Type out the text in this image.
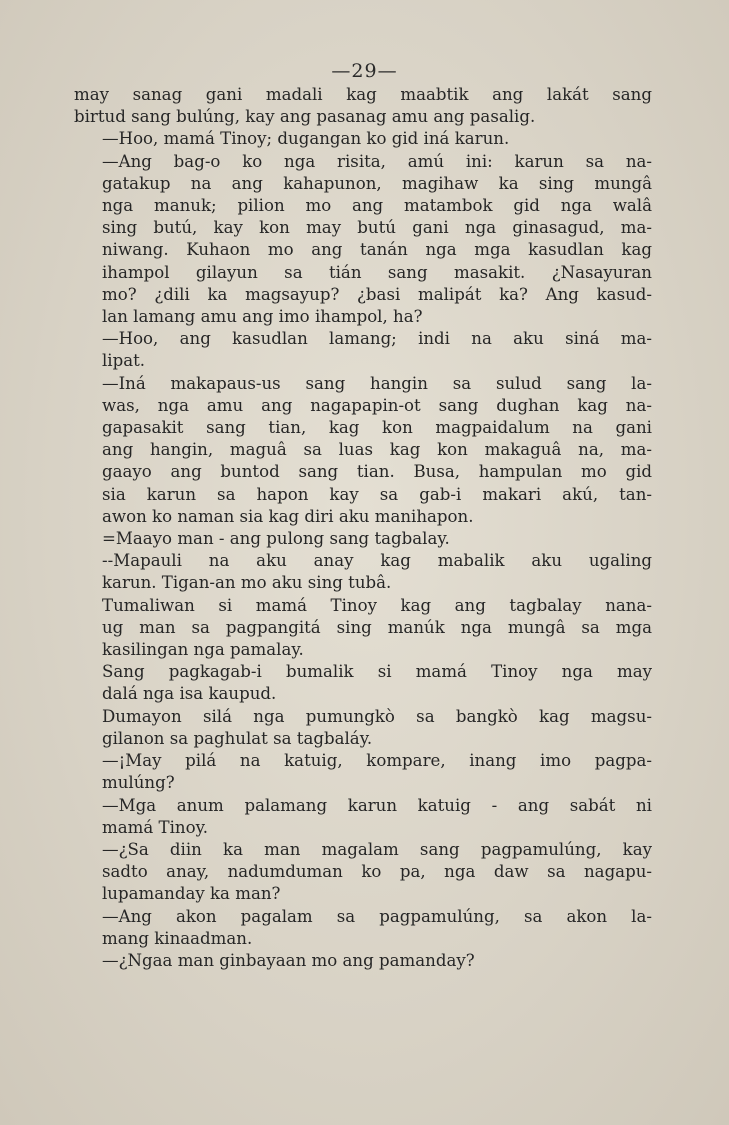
—29—

may sanag gani madali kag maabtik ang lakát sang
birtud sang bulúng, kay ang pasanag amu ang pasalig.

—Hoo, mamá Tinoy; dugangan ko gid iná karun.

—Ang bag-o ko nga risita, amú ini: karun sa na-
gatakup na ang kahapunon, magihaw ka sing mungâ
nga manuk; pilion mo ang matambok gid nga walâ
sing butú, kay kon may butú gani nga ginasagud, ma-
niwang. Kuhaon mo ang tanán nga mga kasudlan kag
ihampol gilayun sa tián sang masakit. ¿Nasayuran
mo? ¿dili ka magsayup? ¿basi malipát ka? Ang kasud-
lan lamang amu ang imo ihampol, ha?

—Hoo, ang kasudlan lamang; indi na aku siná ma-
lipat.

—Iná makapaus-us sang hangin sa sulud sang la-
was, nga amu ang nagapapin-ot sang dughan kag na-
gapasakit sang tian, kag kon magpaidalum na gani
ang hangin, maguâ sa luas kag kon makaguâ na, ma-
gaayo ang buntod sang tian. Busa, hampulan mo gid
sia karun sa hapon kay sa gab-i makari akú, tan-
awon ko naman sia kag diri aku manihapon.

=Maayo man - ang pulong sang tagbalay.

--Mapauli na aku anay kag mabalik aku ugaling
karun. Tigan-an mo aku sing tubâ.

Tumaliwan si mamá Tinoy kag ang tagbalay nana-
ug man sa pagpangitá sing manúk nga mungâ sa mga
kasilingan nga pamalay.

Sang pagkagab-i bumalik si mamá Tinoy nga may
dalá nga isa kaupud.

Dumayon silá nga pumungkò sa bangkò kag magsu-
gilanon sa paghulat sa tagbaláy.

—¡May pilá na katuig, kompare, inang imo pagpa-
mulúng?

—Mga anum palamang karun katuig - ang sabát ni
mamá Tinoy.

—¿Sa diin ka man magalam sang pagpamulúng, kay
sadto anay, nadumduman ko pa, nga daw sa nagapu-
lupamanday ka man?

—Ang akon pagalam sa pagpamulúng, sa akon la-
mang kinaadman.

—¿Ngaa man ginbayaan mo ang pamanday?
